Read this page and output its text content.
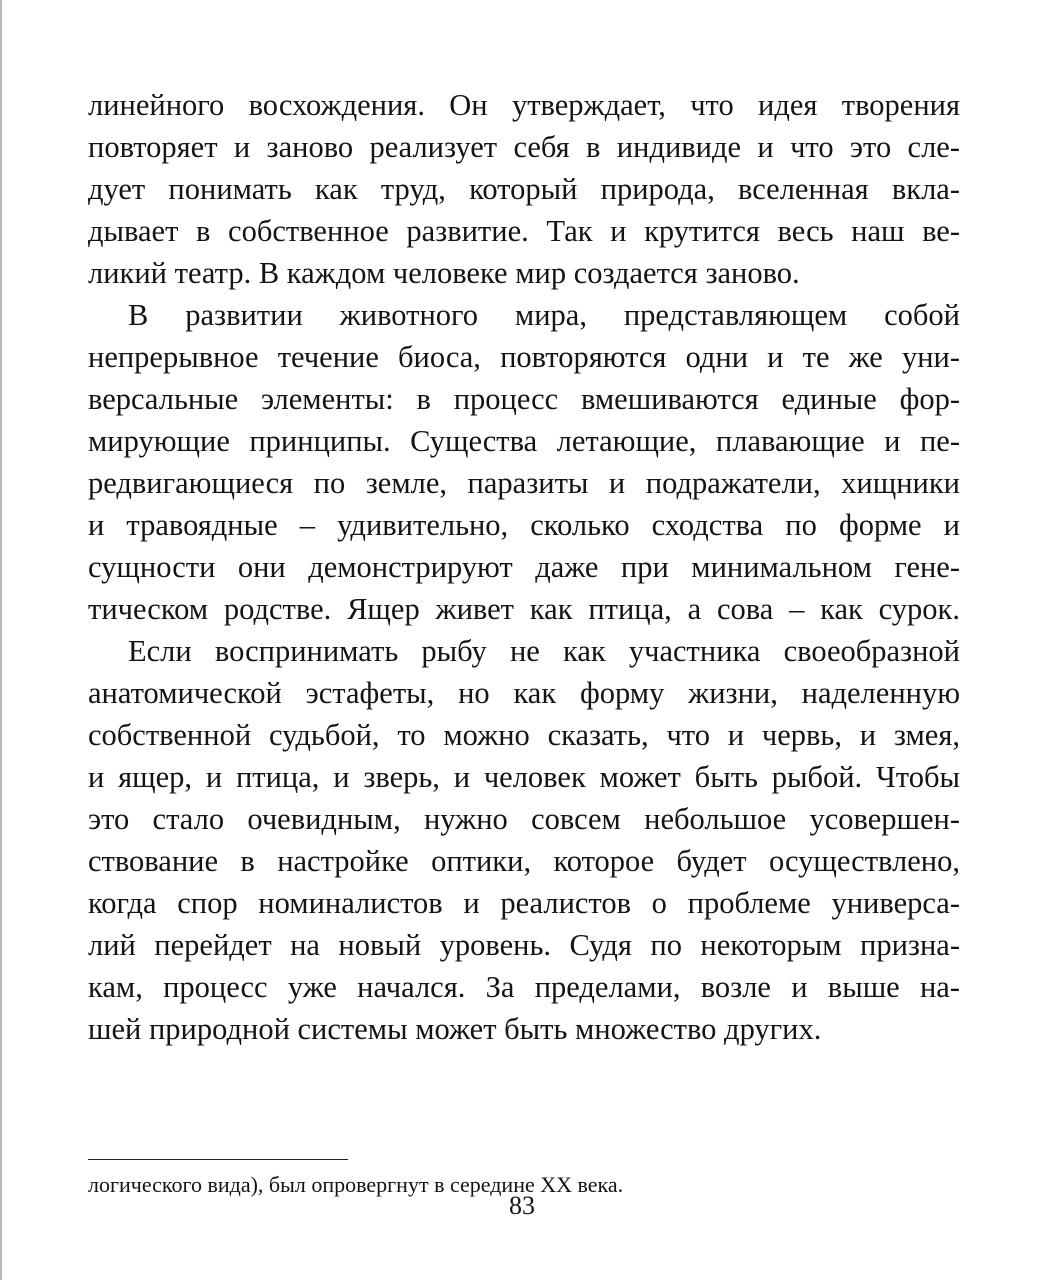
линейного восхождения. Он утверждает, что идея творения
повторяет и заново реализует себя в индивиде и что это сле-
дует понимать как труд, который природа, вселенная вкла-
дывает в собственное развитие. Так и крутится весь наш ве-
ликий театр. В каждом человеке мир создается заново.
В развитии животного мира, представляющем собой
непрерывное течение биоса, повторяются одни и те же уни-
версальные элементы: в процесс вмешиваются единые фор-
мирующие принципы. Существа летающие, плавающие и пе-
редвигающиеся по земле, паразиты и подражатели, хищники
и травоядные – удивительно, сколько сходства по форме и
сущности они демонстрируют даже при минимальном гене-
тическом родстве. Ящер живет как птица, а сова – как сурок.
Если воспринимать рыбу не как участника своеобразной
анатомической эстафеты, но как форму жизни, наделенную
собственной судьбой, то можно сказать, что и червь, и змея,
и ящер, и птица, и зверь, и человек может быть рыбой. Чтобы
это стало очевидным, нужно совсем небольшое усовершен-
ствование в настройке оптики, которое будет осуществлено,
когда спор номиналистов и реалистов о проблеме универса-
лий перейдет на новый уровень. Судя по некоторым призна-
кам, процесс уже начался. За пределами, возле и выше на-
шей природной системы может быть множество других.
логического вида), был опровергнут в середине XX века.
83
